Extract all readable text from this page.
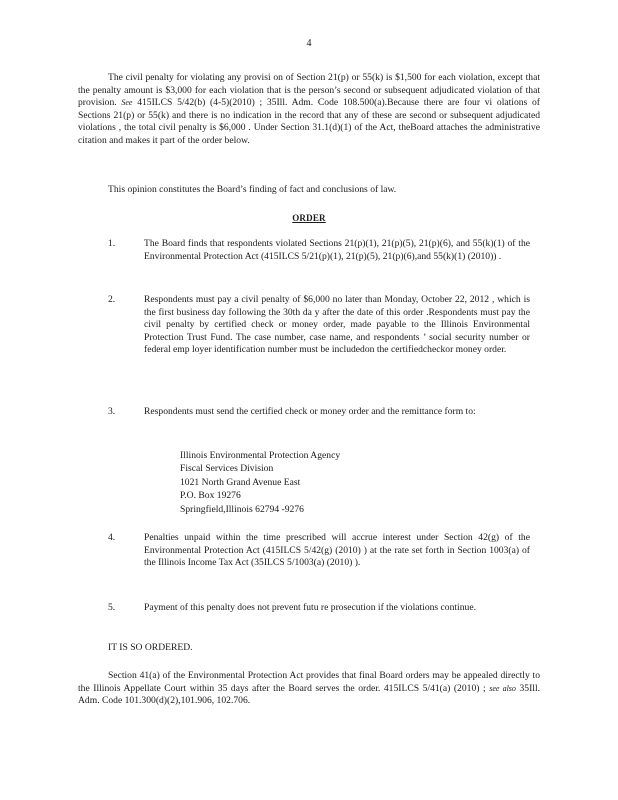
4
The civil penalty for violating any provisi on of Section 21(p) or 55(k) is $1,500 for each violation, except that the penalty amount is $3,000 for each violation that is the person’s second or subsequent adjudicated violation of that provision. See 415ILCS 5/42(b) (4-5)(2010) ; 35Ill. Adm. Code 108.500(a).Because there are four vi olations of Sections 21(p) or 55(k) and there is no indication in the record that any of these are second or subsequent adjudicated violations , the total civil penalty is $6,000 . Under Section 31.1(d)(1) of the Act, theBoard attaches the administrative citation and makes it part of the order below.
This opinion constitutes the Board’s finding of fact and conclusions of law.
ORDER
1.	The Board finds that respondents violated Sections 21(p)(1), 21(p)(5), 21(p)(6), and 55(k)(1) of the Environmental Protection Act (415ILCS 5/21(p)(1), 21(p)(5), 21(p)(6),and 55(k)(1) (2010)) .
2.	Respondents must pay a civil penalty of $6,000 no later than Monday, October 22, 2012 , which is the first business day following the 30th da y after the date of this order .Respondents must pay the civil penalty by certified check or money order, made payable to the Illinois Environmental Protection Trust Fund. The case number, case name, and respondents ’ social security number or federal emp loyer identification number must be includedon the certifiedcheckor money order.
3.	Respondents must send the certified check or money order and the remittance form to:
Illinois Environmental Protection Agency
Fiscal Services Division
1021 North Grand Avenue East
P.O. Box 19276
Springfield,Illinois 62794 -9276
4.	Penalties unpaid within the time prescribed will accrue interest under Section 42(g) of the Environmental Protection Act (415ILCS 5/42(g) (2010) ) at the rate set forth in Section 1003(a) of the Illinois Income Tax Act (35ILCS 5/1003(a) (2010) ).
5.	Payment of this penalty does not prevent futu re prosecution if the violations continue.
IT IS SO ORDERED.
Section 41(a) of the Environmental Protection Act provides that final Board orders may be appealed directly to the Illinois Appellate Court within 35 days after the Board serves the order. 415ILCS 5/41(a) (2010) ; see also 35Ill. Adm. Code 101.300(d)(2),101.906, 102.706.
